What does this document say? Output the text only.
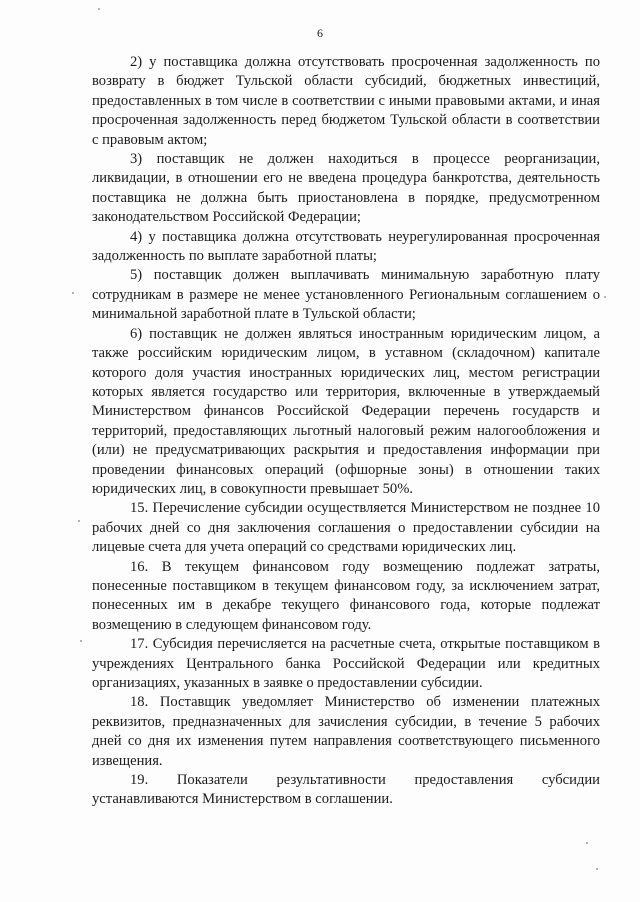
6

2) у поставщика должна отсутствовать просроченная задолженность по возврату в бюджет Тульской области субсидий, бюджетных инвестиций, предоставленных в том числе в соответствии с иными правовыми актами, и иная просроченная задолженность перед бюджетом Тульской области в соответствии с правовым актом;

3) поставщик не должен находиться в процессе реорганизации, ликвидации, в отношении его не введена процедура банкротства, деятельность поставщика не должна быть приостановлена в порядке, предусмотренном законодательством Российской Федерации;

4) у поставщика должна отсутствовать неурегулированная просроченная задолженность по выплате заработной платы;

5) поставщик должен выплачивать минимальную заработную плату сотрудникам в размере не менее установленного Региональным соглашением о минимальной заработной плате в Тульской области;

6) поставщик не должен являться иностранным юридическим лицом, а также российским юридическим лицом, в уставном (складочном) капитале которого доля участия иностранных юридических лиц, местом регистрации которых является государство или территория, включенные в утверждаемый Министерством финансов Российской Федерации перечень государств и территорий, предоставляющих льготный налоговый режим налогообложения и (или) не предусматривающих раскрытия и предоставления информации при проведении финансовых операций (офшорные зоны) в отношении таких юридических лиц, в совокупности превышает 50%.

15. Перечисление субсидии осуществляется Министерством не позднее 10 рабочих дней со дня заключения соглашения о предоставлении субсидии на лицевые счета для учета операций со средствами юридических лиц.

16. В текущем финансовом году возмещению подлежат затраты, понесенные поставщиком в текущем финансовом году, за исключением затрат, понесенных им в декабре текущего финансового года, которые подлежат возмещению в следующем финансовом году.

17. Субсидия перечисляется на расчетные счета, открытые поставщиком в учреждениях Центрального банка Российской Федерации или кредитных организациях, указанных в заявке о предоставлении субсидии.

18. Поставщик уведомляет Министерство об изменении платежных реквизитов, предназначенных для зачисления субсидии, в течение 5 рабочих дней со дня их изменения путем направления соответствующего письменного извещения.

19. Показатели результативности предоставления субсидии устанавливаются Министерством в соглашении.
